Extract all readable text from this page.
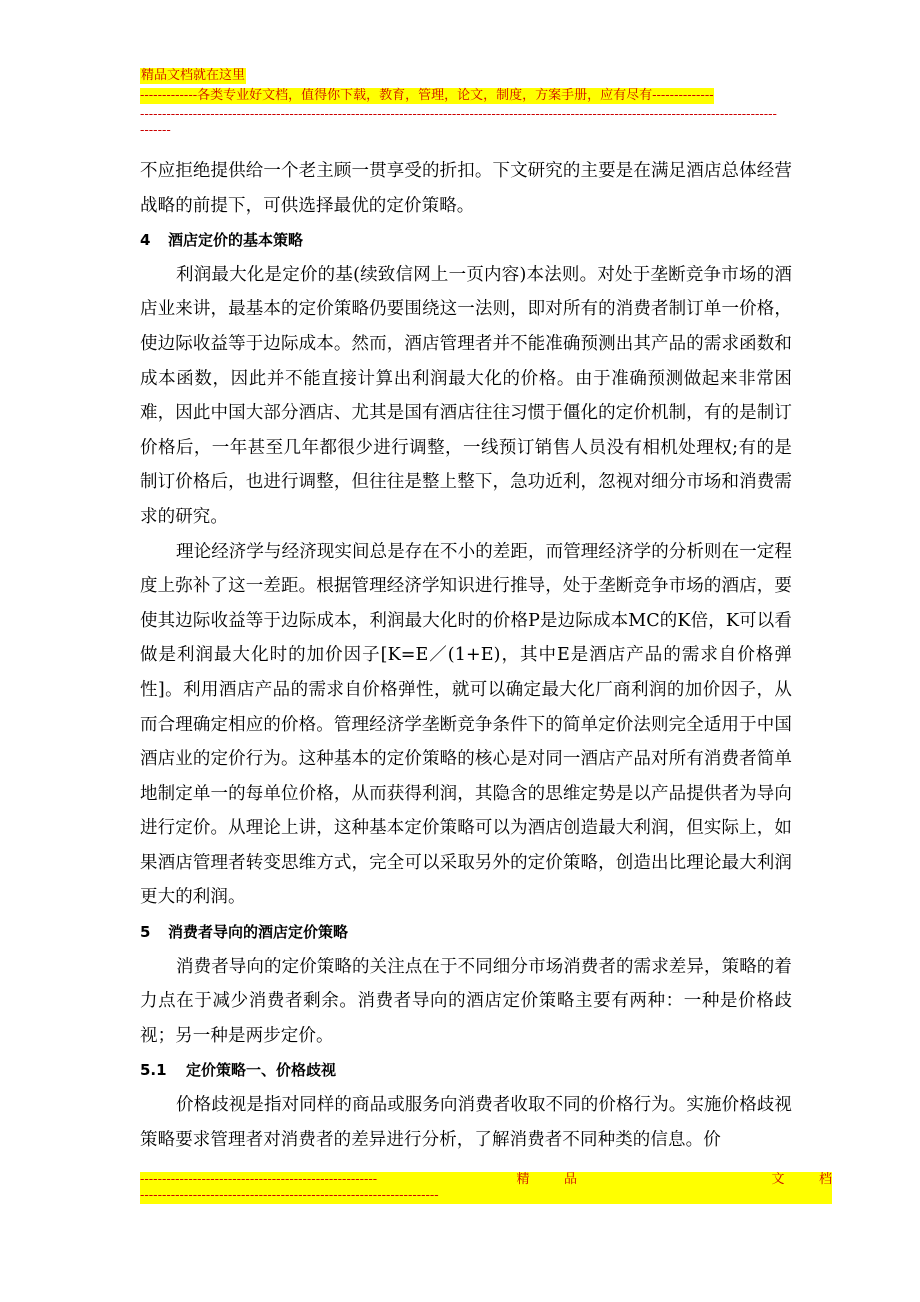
精品文档就在这里
-------------各类专业好文档，值得你下载，教育，管理，论文，制度，方案手册，应有尽有--------------
--------------------------------------------------------------------------------------------------------------------------------------------------------

不应拒绝提供给一个老主顾一贯享受的折扣。下文研究的主要是在满足酒店总体经营战略的前提下，可供选择最优的定价策略。

4 酒店定价的基本策略

利润最大化是定价的基(续致信网上一页内容)本法则。对处于垄断竞争市场的酒店业来讲，最基本的定价策略仍要围绕这一法则，即对所有的消费者制订单一价格，使边际收益等于边际成本。然而，酒店管理者并不能准确预测出其产品的需求函数和成本函数，因此并不能直接计算出利润最大化的价格。由于准确预测做起来非常困难，因此中国大部分酒店、尤其是国有酒店往往习惯于僵化的定价机制，有的是制订价格后，一年甚至几年都很少进行调整，一线预订销售人员没有相机处理权;有的是制订价格后，也进行调整，但往往是整上整下，急功近利，忽视对细分市场和消费需求的研究。

理论经济学与经济现实间总是存在不小的差距，而管理经济学的分析则在一定程度上弥补了这一差距。根据管理经济学知识进行推导，处于垄断竞争市场的酒店，要使其边际收益等于边际成本，利润最大化时的价格P是边际成本MC的K倍，K可以看做是利润最大化时的加价因子[K=E／(1+E)，其中E是酒店产品的需求自价格弹性]。利用酒店产品的需求自价格弹性，就可以确定最大化厂商利润的加价因子，从而合理确定相应的价格。管理经济学垄断竞争条件下的简单定价法则完全适用于中国酒店业的定价行为。这种基本的定价策略的核心是对同一酒店产品对所有消费者简单地制定单一的每单位价格，从而获得利润，其隐含的思维定势是以产品提供者为导向进行定价。从理论上讲，这种基本定价策略可以为酒店创造最大利润，但实际上，如果酒店管理者转变思维方式，完全可以采取另外的定价策略，创造出比理论最大利润更大的利润。

5 消费者导向的酒店定价策略

消费者导向的定价策略的关注点在于不同细分市场消费者的需求差异，策略的着力点在于减少消费者剩余。消费者导向的酒店定价策略主要有两种：一种是价格歧视；另一种是两步定价。

5.1 定价策略一、价格歧视

价格歧视是指对同样的商品或服务向消费者收取不同的价格行为。实施价格歧视策略要求管理者对消费者的差异进行分析，了解消费者不同种类的信息。价

------------------------------------------------------	精	品	文	档
--------------------------------------------------------------------
